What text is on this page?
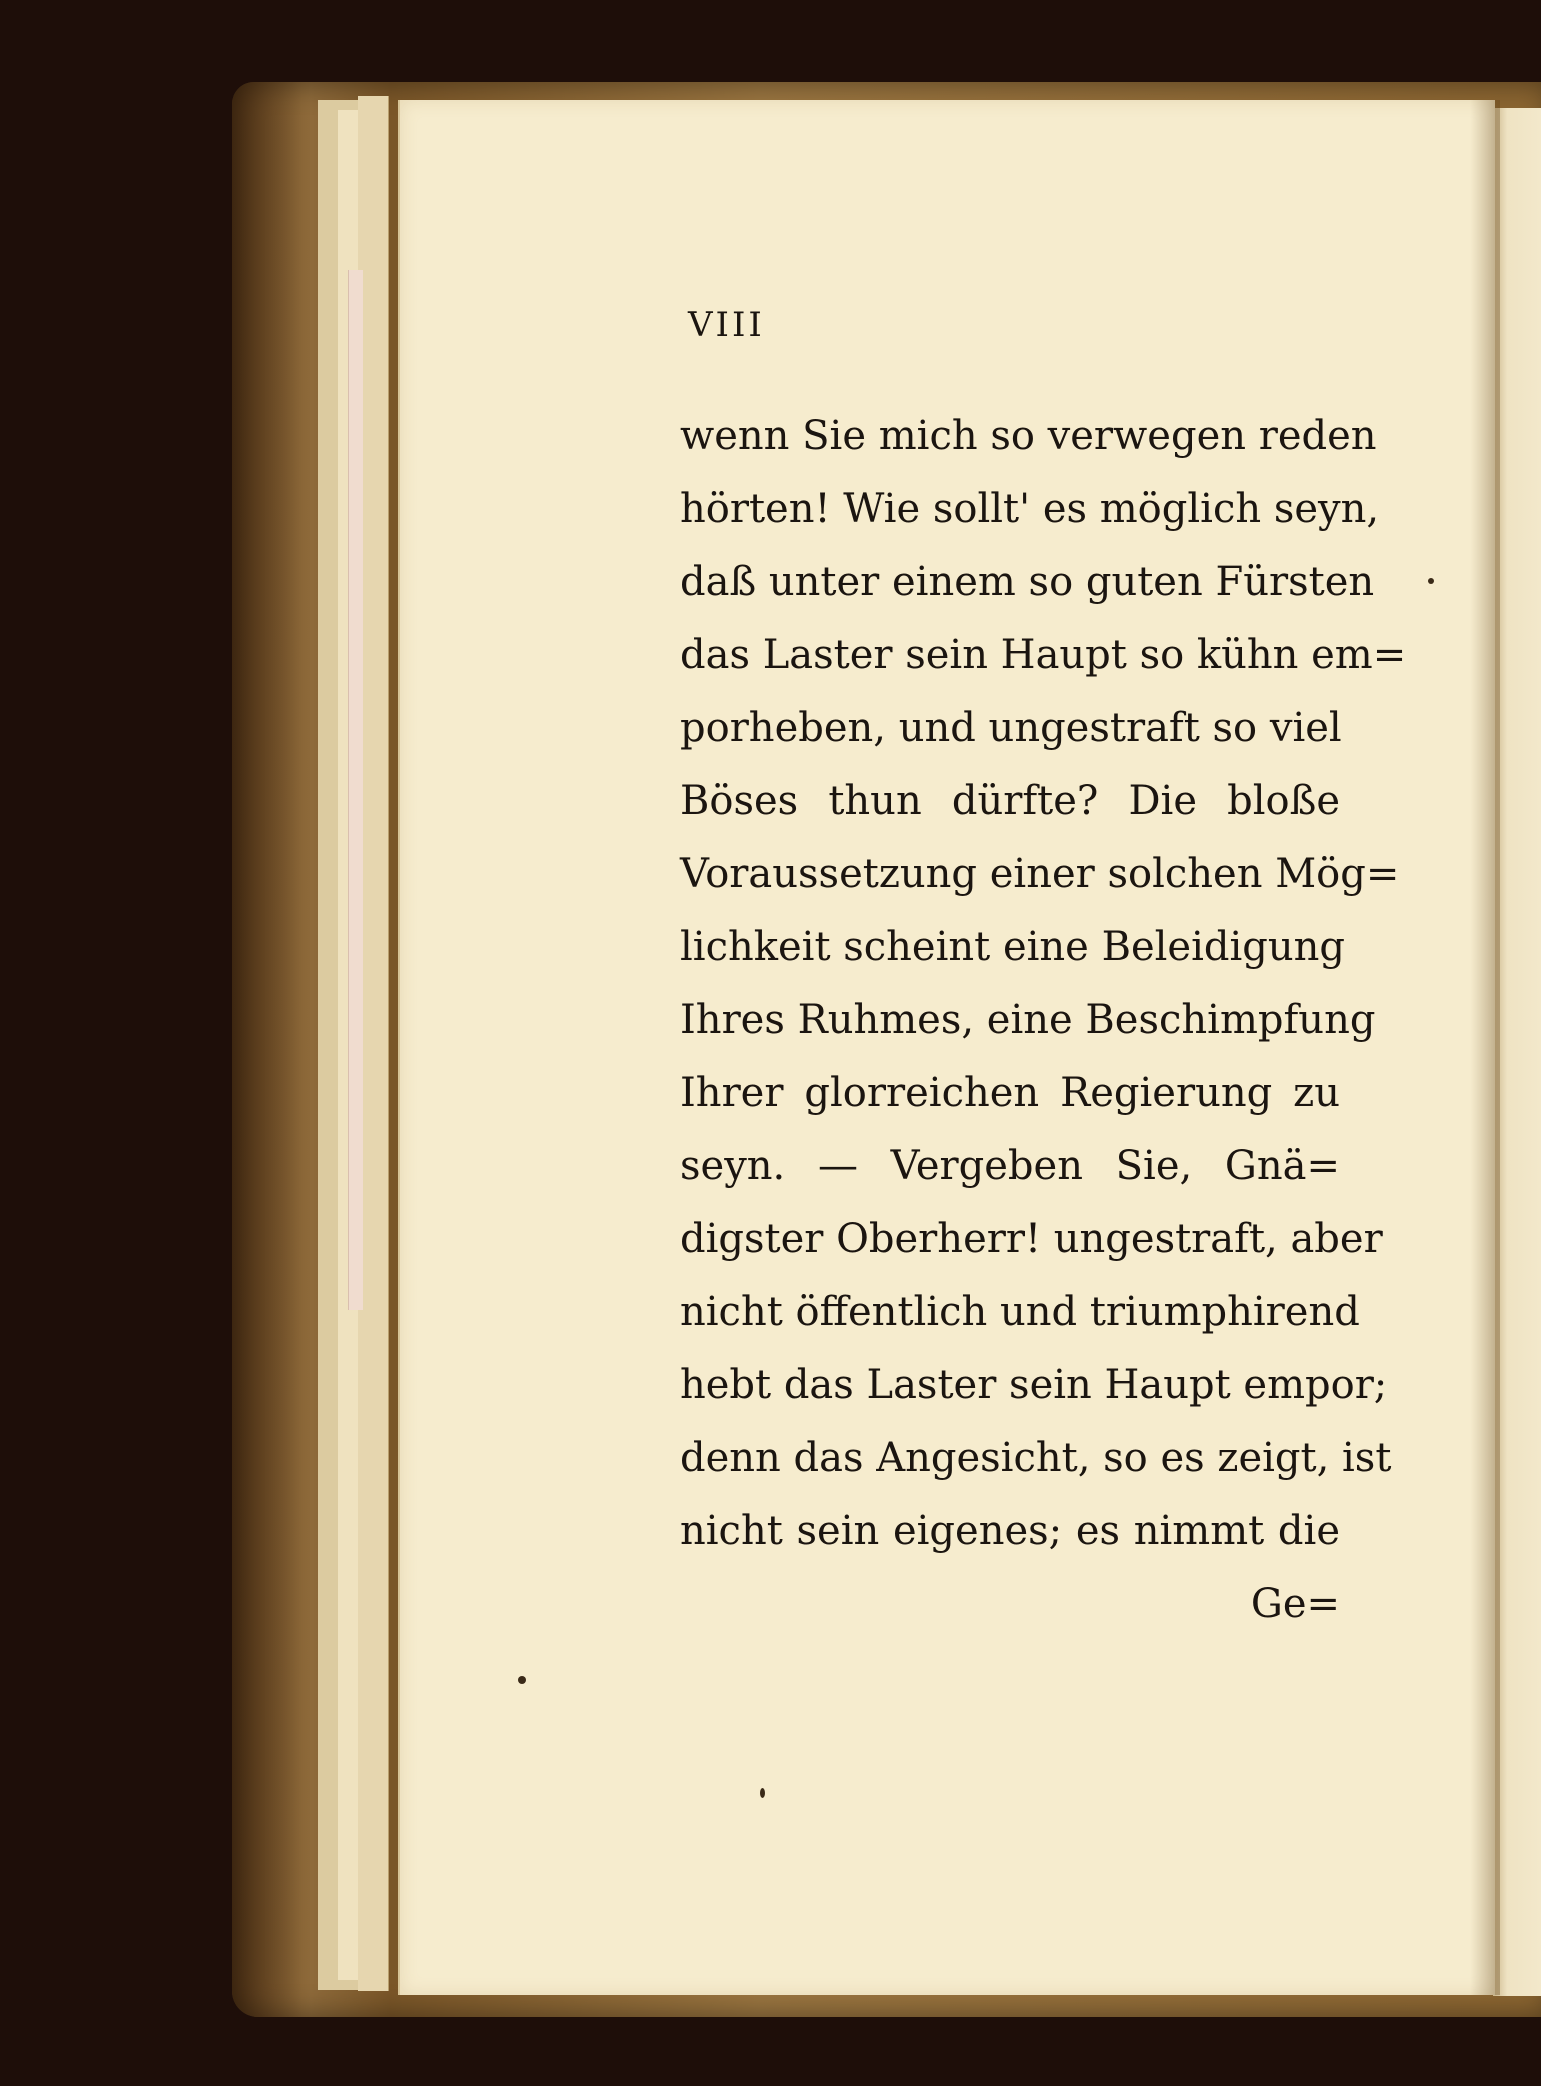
VIII
wenn Sie mich so verwegen reden
hörten! Wie sollt' es möglich seyn,
daß unter einem so guten Fürsten
das Laster sein Haupt so kühn em=
porheben, und ungestraft so viel
Böses thun dürfte? Die bloße
Voraussetzung einer solchen Mög=
lichkeit scheint eine Beleidigung
Ihres Ruhmes, eine Beschimpfung
Ihrer glorreichen Regierung zu
seyn. — Vergeben Sie, Gnä=
digster Oberherr! ungestraft, aber
nicht öffentlich und triumphirend
hebt das Laster sein Haupt empor;
denn das Angesicht, so es zeigt, ist
nicht sein eigenes; es nimmt die
Ge=
